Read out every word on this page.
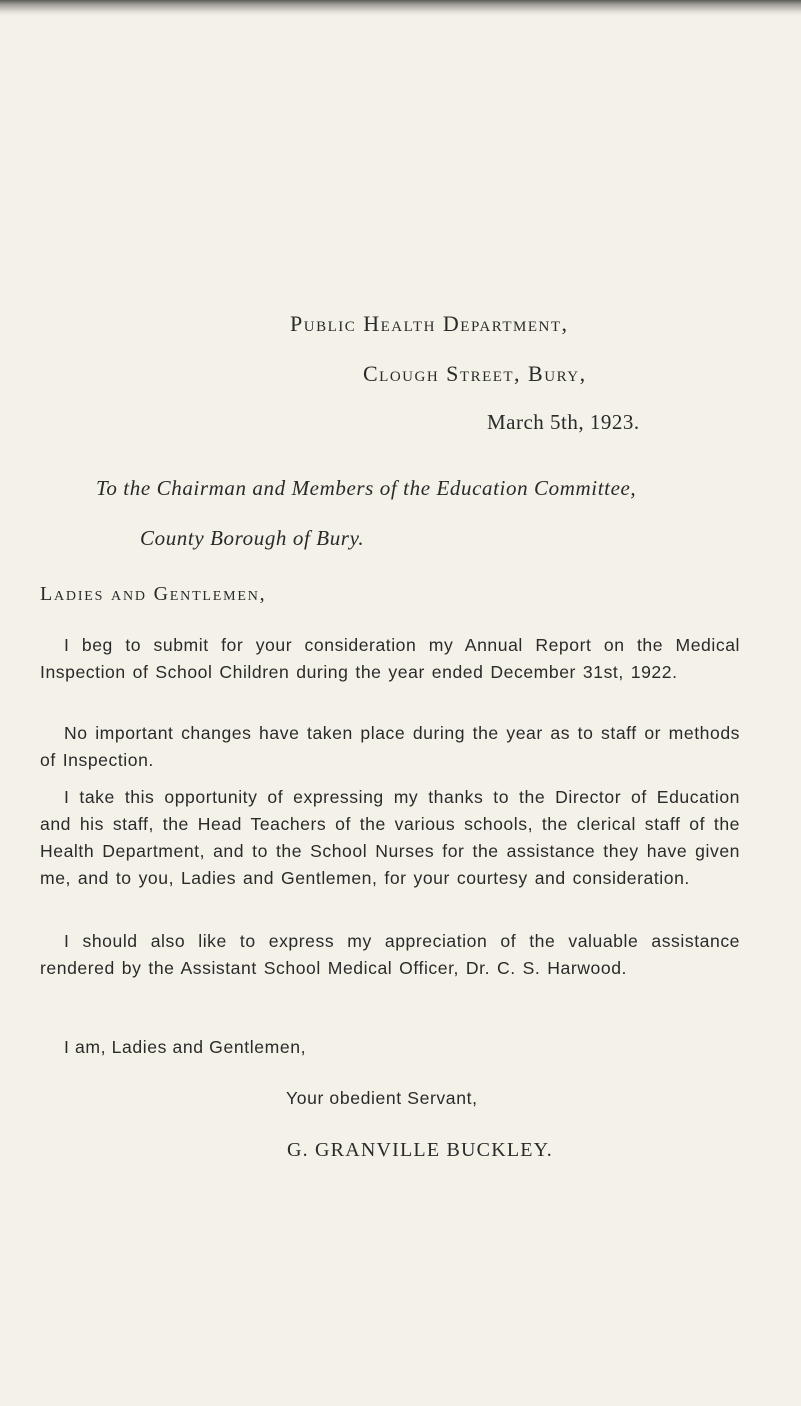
Public Health Department,
Clough Street, Bury,
March 5th, 1923.
To the Chairman and Members of the Education Committee,
County Borough of Bury.
Ladies and Gentlemen,

I beg to submit for your consideration my Annual Report on the Medical Inspection of School Children during the year ended December 31st, 1922.

No important changes have taken place during the year as to staff or methods of Inspection.

I take this opportunity of expressing my thanks to the Director of Education and his staff, the Head Teachers of the various schools, the clerical staff of the Health Department, and to the School Nurses for the assistance they have given me, and to you, Ladies and Gentlemen, for your courtesy and consideration.

I should also like to express my appreciation of the valuable assistance rendered by the Assistant School Medical Officer, Dr. C. S. Harwood.

I am, Ladies and Gentlemen,
Your obedient Servant,
G. GRANVILLE BUCKLEY.
